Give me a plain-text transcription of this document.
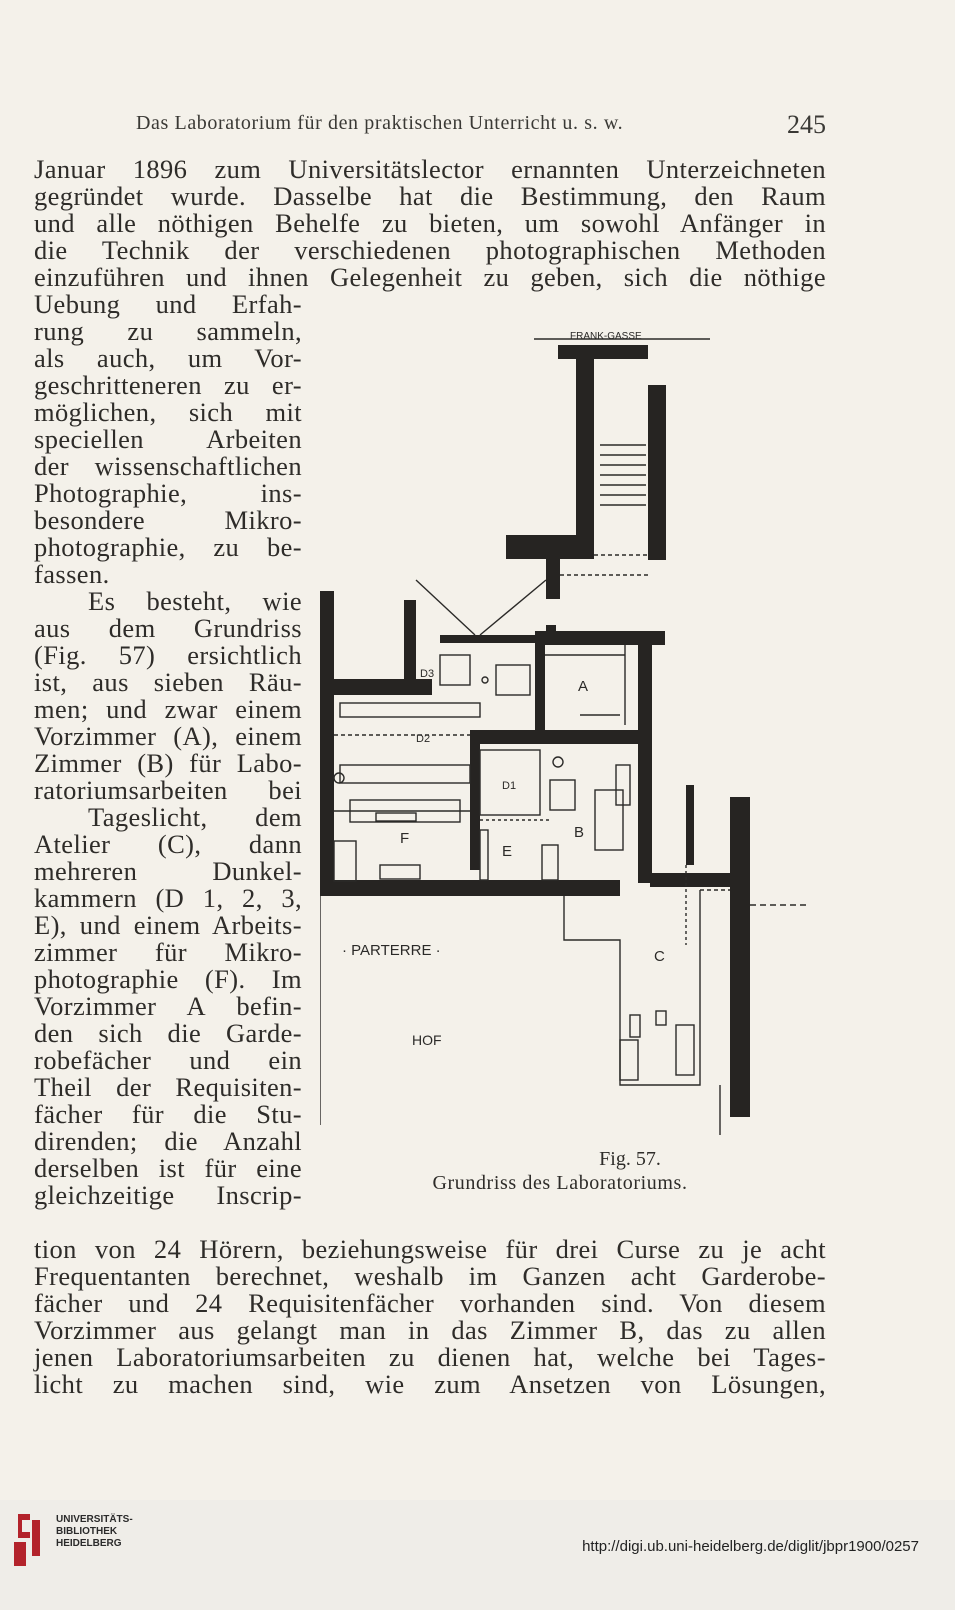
Das Laboratorium für den praktischen Unterricht u. s. w.	245
Januar 1896 zum Universitätslector ernannten Unterzeichneten
gegründet wurde. Dasselbe hat die Bestimmung, den Raum
und alle nöthigen Behelfe zu bieten, um sowohl Anfänger in
die Technik der verschiedenen photographischen Methoden
einzuführen und ihnen Gelegenheit zu geben, sich die nöthige
Uebung und Erfah-
rung zu sammeln,
als auch, um Vor-
geschritteneren zu er-
möglichen, sich mit
speciellen Arbeiten
der wissenschaftlichen
Photographie, ins-
besondere Mikro-
photographie, zu be-
fassen.
Es besteht, wie
aus dem Grundriss
(Fig. 57) ersichtlich
ist, aus sieben Räu-
men; und zwar einem
Vorzimmer (A), einem
Zimmer (B) für Labo-
ratoriumsarbeiten bei
Tageslicht, dem
Atelier (C), dann
mehreren Dunkel-
kammern (D 1, 2, 3,
E), und einem Arbeits-
zimmer für Mikro-
photographie (F). Im
Vorzimmer A befin-
den sich die Garde-
robefächer und ein
Theil der Requisiten-
fächer für die Stu-
direnden; die Anzahl
derselben ist für eine
gleichzeitige Inscrip-
FRANK-GASSE
A
B
C
D1
D2
D3
E
F
· PARTERRE ·
HOF
Fig. 57.
Grundriss des Laboratoriums.
tion von 24 Hörern, beziehungsweise für drei Curse zu je acht
Frequentanten berechnet, weshalb im Ganzen acht Garderobe-
fächer und 24 Requisitenfächer vorhanden sind. Von diesem
Vorzimmer aus gelangt man in das Zimmer B, das zu allen
jenen Laboratoriumsarbeiten zu dienen hat, welche bei Tages-
licht zu machen sind, wie zum Ansetzen von Lösungen,
UNIVERSITÄTS-
BIBLIOTHEK
HEIDELBERG	http://digi.ub.uni-heidelberg.de/diglit/jbpr1900/0257
